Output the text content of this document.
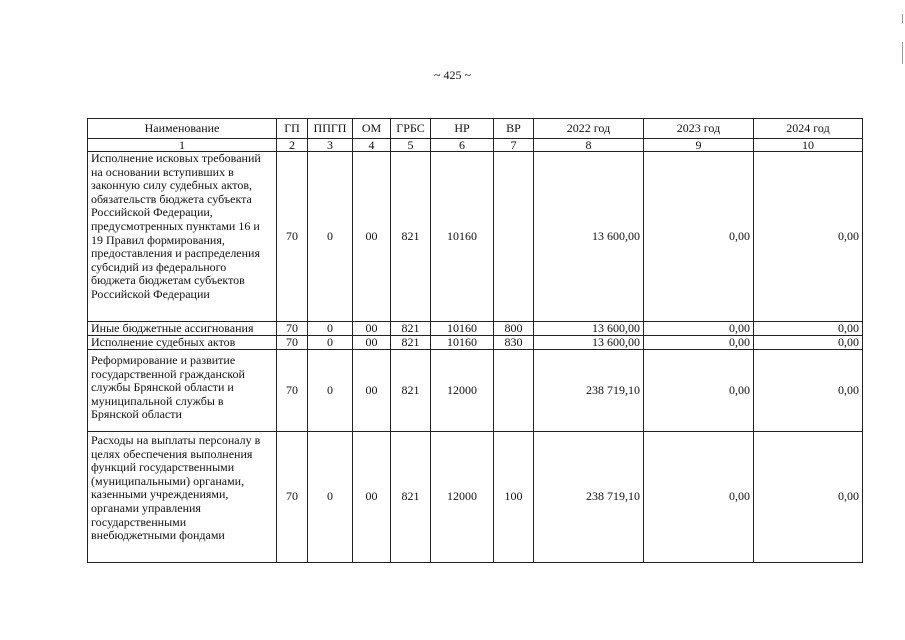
~ 425 ~
Наименование	ГП	ППГП	ОМ	ГРБС	НР	ВР	2022 год	2023 год	2024 год
1	2	3	4	5	6	7	8	9	10
Исполнение исковых требований на основании вступивших в законную силу судебных актов, обязательств бюджета субъекта Российской Федерации, предусмотренных пунктами 16 и 19 Правил формирования, предоставления и распределения субсидий из федерального бюджета бюджетам субъектов Российской Федерации	70	0	00	821	10160		13 600,00	0,00	0,00
Иные бюджетные ассигнования	70	0	00	821	10160	800	13 600,00	0,00	0,00
Исполнение судебных актов	70	0	00	821	10160	830	13 600,00	0,00	0,00
Реформирование и развитие государственной гражданской службы Брянской области и муниципальной службы в Брянской области	70	0	00	821	12000		238 719,10	0,00	0,00
Расходы на выплаты персоналу в целях обеспечения выполнения функций государственными (муниципальными) органами, казенными учреждениями, органами управления государственными внебюджетными фондами	70	0	00	821	12000	100	238 719,10	0,00	0,00
